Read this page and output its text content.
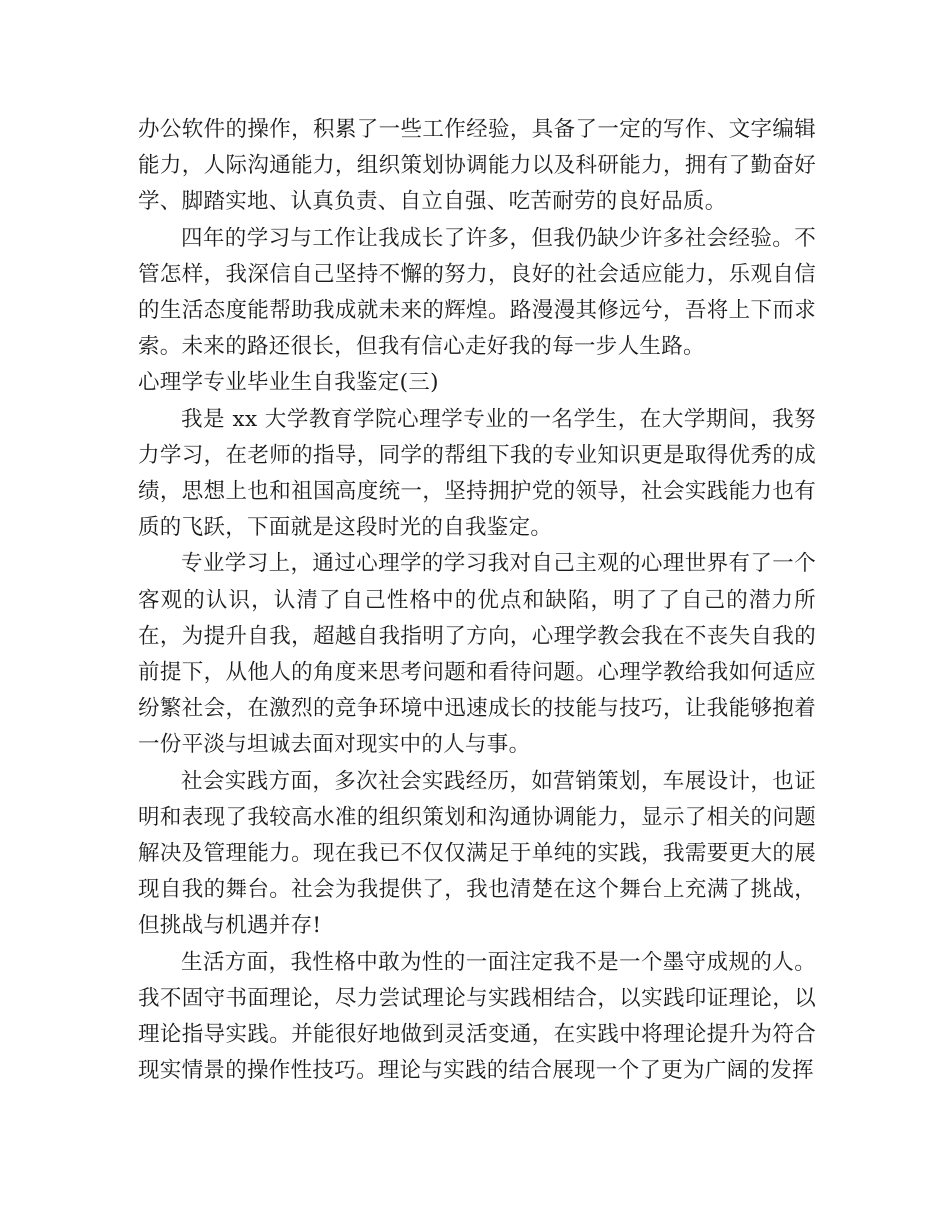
办公软件的操作，积累了一些工作经验，具备了一定的写作、文字编辑能力，人际沟通能力，组织策划协调能力以及科研能力，拥有了勤奋好学、脚踏实地、认真负责、自立自强、吃苦耐劳的良好品质。

四年的学习与工作让我成长了许多，但我仍缺少许多社会经验。不管怎样，我深信自己坚持不懈的努力，良好的社会适应能力，乐观自信的生活态度能帮助我成就未来的辉煌。路漫漫其修远兮，吾将上下而求索。未来的路还很长，但我有信心走好我的每一步人生路。

心理学专业毕业生自我鉴定(三)

我是 xx 大学教育学院心理学专业的一名学生，在大学期间，我努力学习，在老师的指导，同学的帮组下我的专业知识更是取得优秀的成绩，思想上也和祖国高度统一，坚持拥护党的领导，社会实践能力也有质的飞跃，下面就是这段时光的自我鉴定。

专业学习上，通过心理学的学习我对自己主观的心理世界有了一个客观的认识，认清了自己性格中的优点和缺陷，明了了自己的潜力所在，为提升自我，超越自我指明了方向，心理学教会我在不丧失自我的前提下，从他人的角度来思考问题和看待问题。心理学教给我如何适应纷繁社会，在激烈的竞争环境中迅速成长的技能与技巧，让我能够抱着一份平淡与坦诚去面对现实中的人与事。

社会实践方面，多次社会实践经历，如营销策划，车展设计，也证明和表现了我较高水准的组织策划和沟通协调能力，显示了相关的问题解决及管理能力。现在我已不仅仅满足于单纯的实践，我需要更大的展现自我的舞台。社会为我提供了，我也清楚在这个舞台上充满了挑战，但挑战与机遇并存!

生活方面，我性格中敢为性的一面注定我不是一个墨守成规的人。我不固守书面理论，尽力尝试理论与实践相结合，以实践印证理论，以理论指导实践。并能很好地做到灵活变通，在实践中将理论提升为符合现实情景的操作性技巧。理论与实践的结合展现一个了更为广阔的发挥
